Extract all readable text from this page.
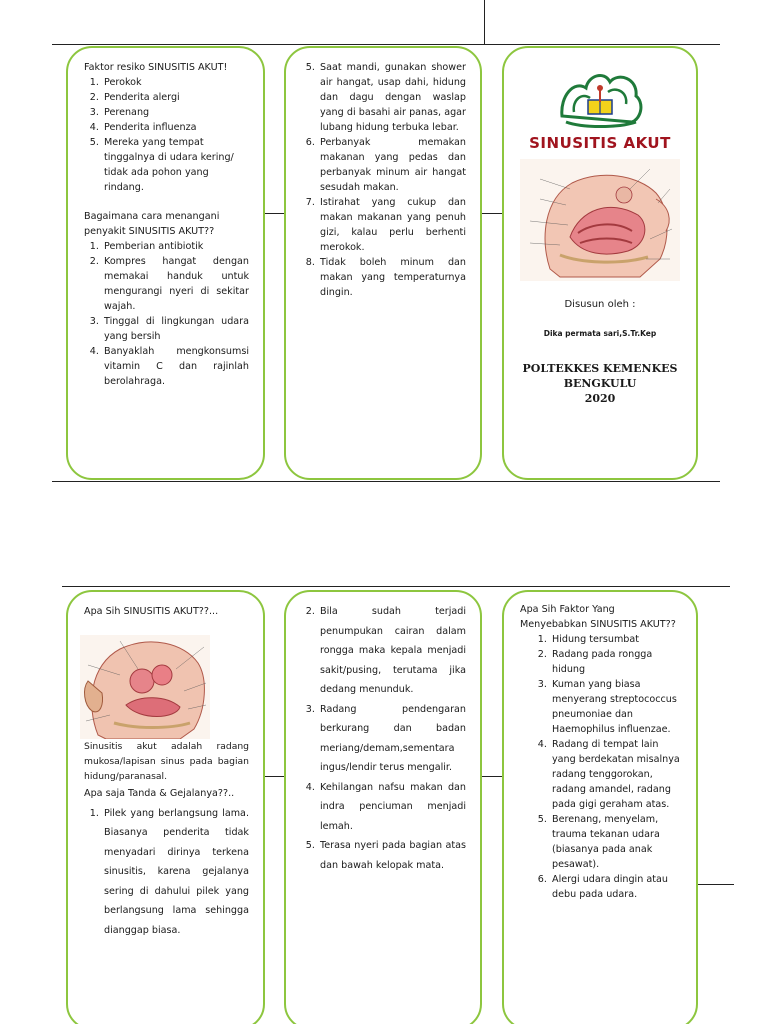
Faktor resiko SINUSITIS AKUT!

1. Perokok
2. Penderita alergi
3. Perenang
4. Penderita influenza
5. Mereka yang tempat tinggalnya di udara kering/ tidak ada pohon yang rindang.

Bagaimana cara menangani penyakit SINUSITIS AKUT??

1. Pemberian antibiotik
2. Kompres hangat dengan memakai handuk untuk mengurangi nyeri di sekitar wajah.
3. Tinggal di lingkungan udara yang bersih
4. Banyaklah mengkonsumsi vitamin C dan rajinlah berolahraga.
5. Saat mandi, gunakan shower air hangat, usap dahi, hidung dan dagu dengan waslap yang di basahi air panas, agar lubang hidung terbuka lebar.
6. Perbanyak memakan makanan yang pedas dan perbanyak minum air hangat sesudah makan.
7. Istirahat yang cukup dan makan makanan yang penuh gizi, kalau perlu berhenti merokok.
8. Tidak boleh minum dan makan yang temperaturnya dingin.
SINUSITIS AKUT
Disusun oleh :
Dika permata sari,S.Tr.Kep
POLTEKKES KEMENKES
BENGKULU
2020

Apa Sih SINUSITIS AKUT??...

Sinusitis akut adalah radang mukosa/lapisan sinus pada bagian hidung/paranasal.

Apa saja Tanda & Gejalanya??..

1. Pilek yang berlangsung lama. Biasanya penderita tidak menyadari dirinya terkena sinusitis, karena gejalanya sering di dahului pilek yang berlangsung lama sehingga dianggap biasa.
2. Bila sudah terjadi penumpukan cairan dalam rongga maka kepala menjadi sakit/pusing, terutama jika dedang menunduk.
3. Radang pendengaran berkurang dan badan meriang/demam,sementara ingus/lendir terus mengalir.
4. Kehilangan nafsu makan dan indra penciuman menjadi lemah.
5. Terasa nyeri pada bagian atas dan bawah kelopak mata.

Apa Sih Faktor Yang Menyebabkan SINUSITIS AKUT??

1. Hidung tersumbat
2. Radang pada rongga hidung
3. Kuman yang biasa menyerang streptococcus pneumoniae dan Haemophilus influenzae.
4. Radang di tempat lain yang berdekatan misalnya radang tenggorokan, radang amandel, radang pada gigi geraham atas.
5. Berenang, menyelam, trauma tekanan udara (biasanya pada anak pesawat).
6. Alergi udara dingin atau debu pada udara.
